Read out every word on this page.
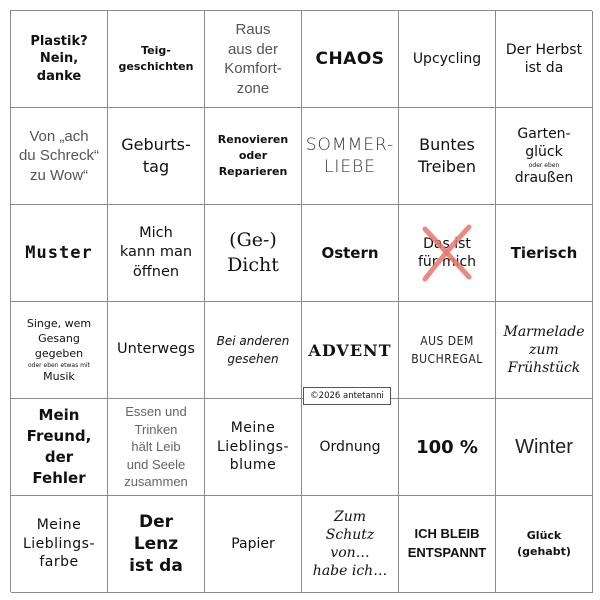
Plastik?
Nein,
danke
Teig-
geschichten
Raus
aus der
Komfort-
zone
CHAOS Upcycling
Der Herbst
ist da
Von „ach
du Schreck“
zu Wow“
Geburts-
tag
Renovieren
oder
Reparieren
SOMMER-
LIEBE
Buntes
Treiben
Garten-
glück
oder eben
draußen
Muster
Mich
kann man
öffnen
(Ge-)
Dicht
Ostern
Das ist
für mich Tierisch
Singe, wem
Gesang
gegeben
oder eben etwas mit
Musik
Unterwegs
Bei anderen
gesehen	ADVENT	AUS DEM
BUCHREGAL
Marmelade
zum
Frühstück
Mein
Freund,
der
Fehler
Essen und
Trinken
hält Leib
und Seele
zusammen
Meine
Lieblings-
blume
Ordnung 100 % Winter
Meine
Lieblings-
farbe
Der
Lenz
ist da
Papier
Zum
Schutz
von…
habe ich…
ICH BLEIB
ENTSPANNT
Glück
(gehabt)
©2026 antetanni
